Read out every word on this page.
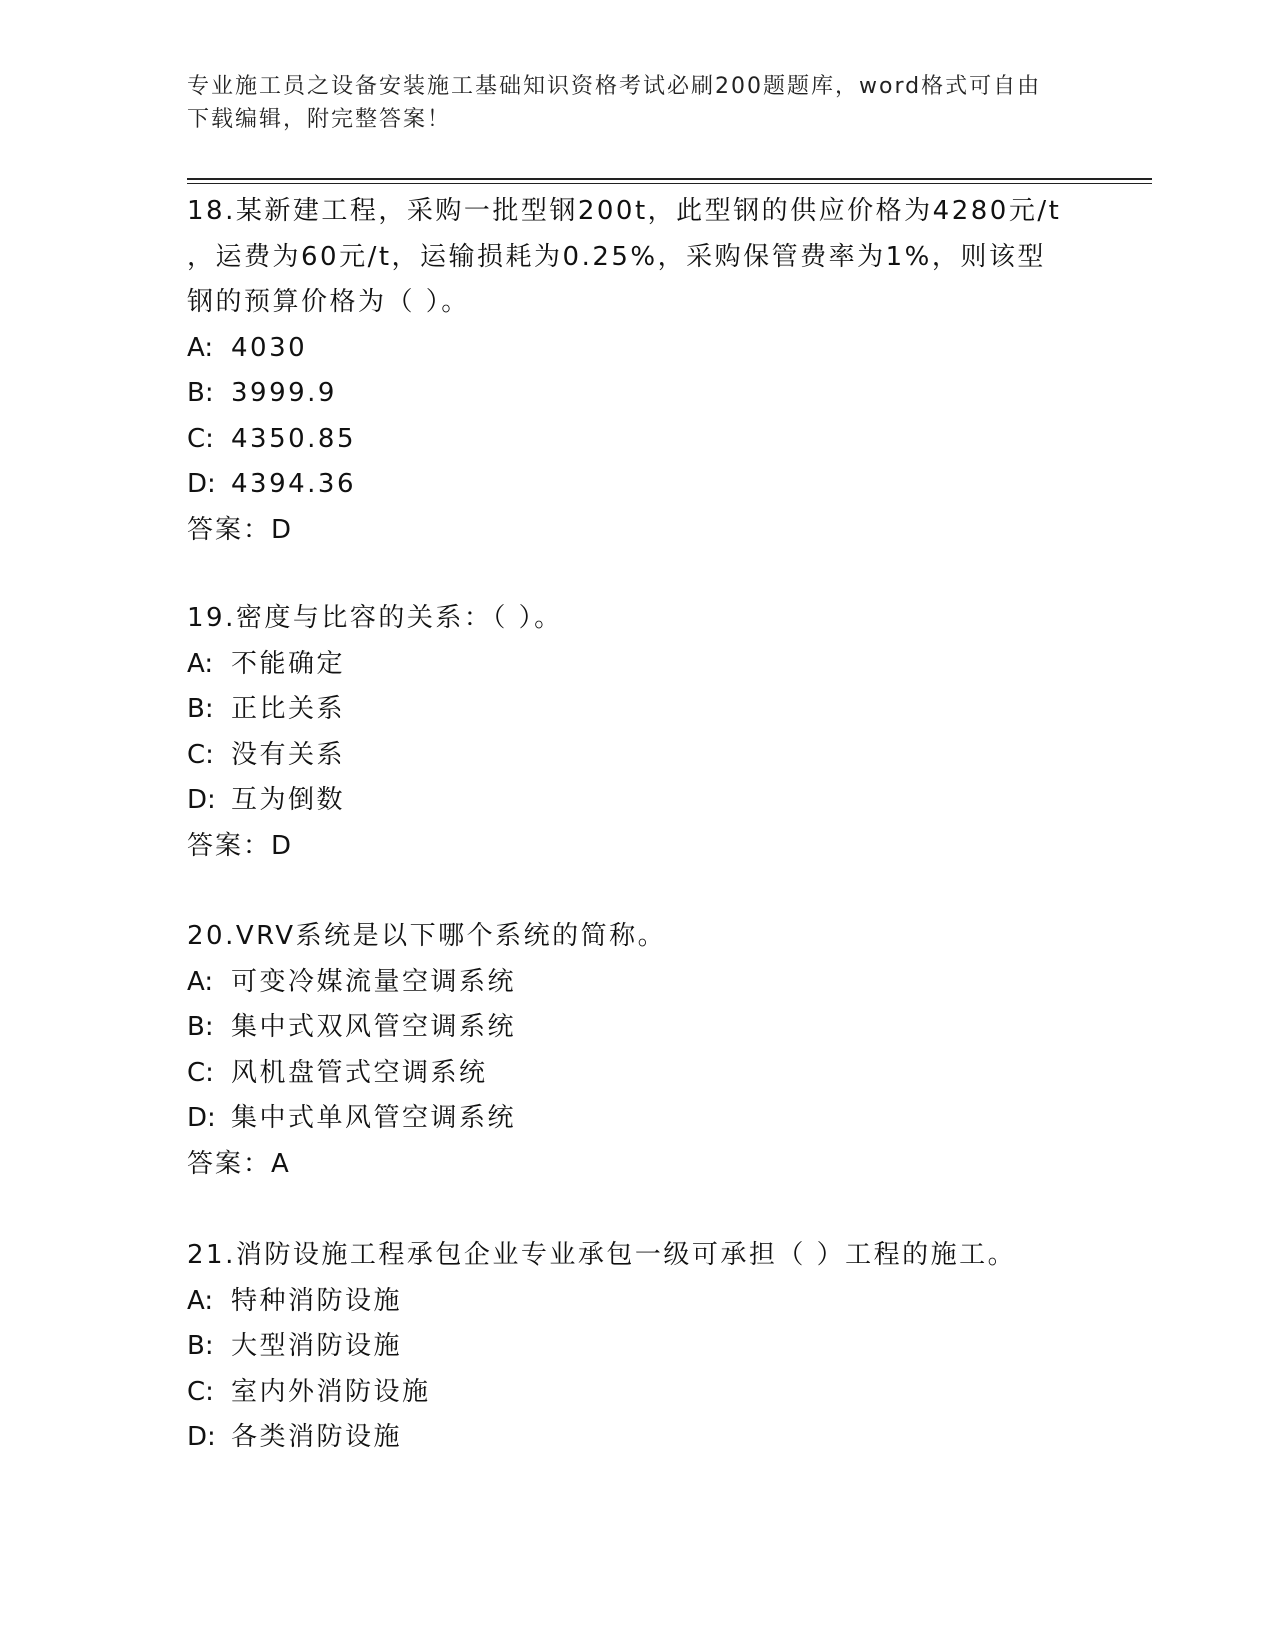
专业施工员之设备安装施工基础知识资格考试必刷200题题库，word格式可自由
下载编辑，附完整答案！
18.某新建工程，采购一批型钢200t，此型钢的供应价格为4280元/t
，运费为60元/t，运输损耗为0.25%，采购保管费率为1%，则该型
钢的预算价格为（ ）。
A: 4030
B: 3999.9
C: 4350.85
D: 4394.36
答案：D
19.密度与比容的关系：（ ）。
A: 不能确定
B: 正比关系
C: 没有关系
D: 互为倒数
答案：D
20.VRV系统是以下哪个系统的简称。
A: 可变冷媒流量空调系统
B: 集中式双风管空调系统
C: 风机盘管式空调系统
D: 集中式单风管空调系统
答案：A
21.消防设施工程承包企业专业承包一级可承担（ ）工程的施工。
A: 特种消防设施
B: 大型消防设施
C: 室内外消防设施
D: 各类消防设施
